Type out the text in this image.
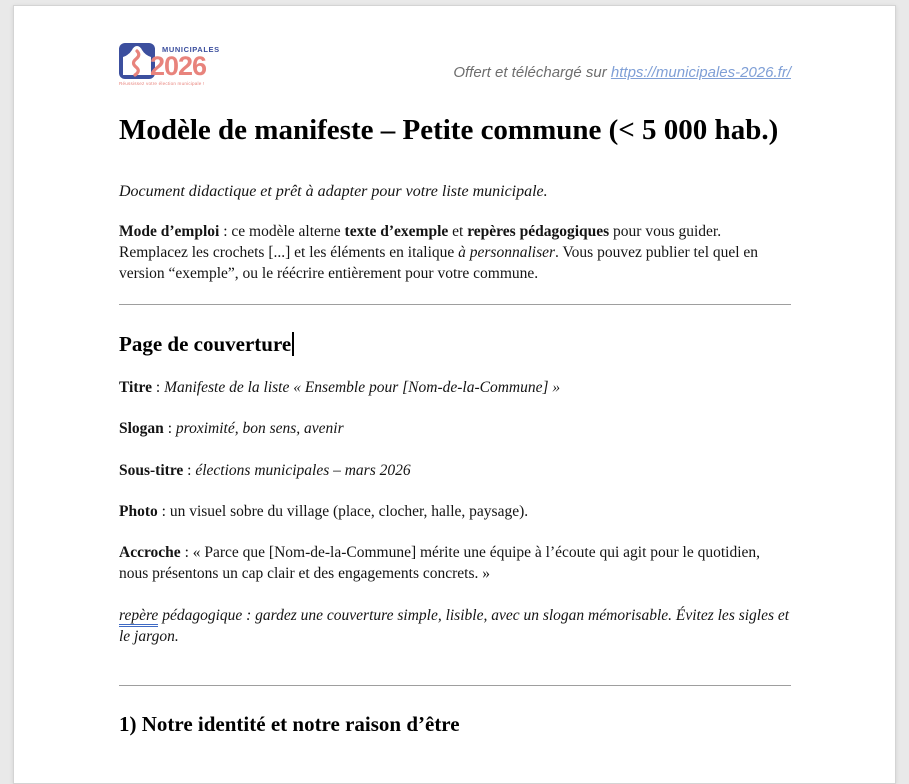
MUNICIPALES
2026
Réussissez votre élection municipale !
Offert et téléchargé sur https://municipales-2026.fr/
Modèle de manifeste – Petite commune (< 5 000 hab.)

Document didactique et prêt à adapter pour votre liste municipale.

Mode d’emploi : ce modèle alterne texte d’exemple et repères pédagogiques pour vous guider. Remplacez les crochets [...] et les éléments en italique à personnaliser. Vous pouvez publier tel quel en version “exemple”, ou le réécrire entièrement pour votre commune.

Page de couverture

Titre : Manifeste de la liste « Ensemble pour [Nom-de-la-Commune] »

Slogan : proximité, bon sens, avenir

Sous-titre : élections municipales – mars 2026

Photo : un visuel sobre du village (place, clocher, halle, paysage).

Accroche : « Parce que [Nom-de-la-Commune] mérite une équipe à l’écoute qui agit pour le quotidien, nous présentons un cap clair et des engagements concrets. »

repère pédagogique : gardez une couverture simple, lisible, avec un slogan mémorisable. Évitez les sigles et le jargon.

1) Notre identité et notre raison d’être
